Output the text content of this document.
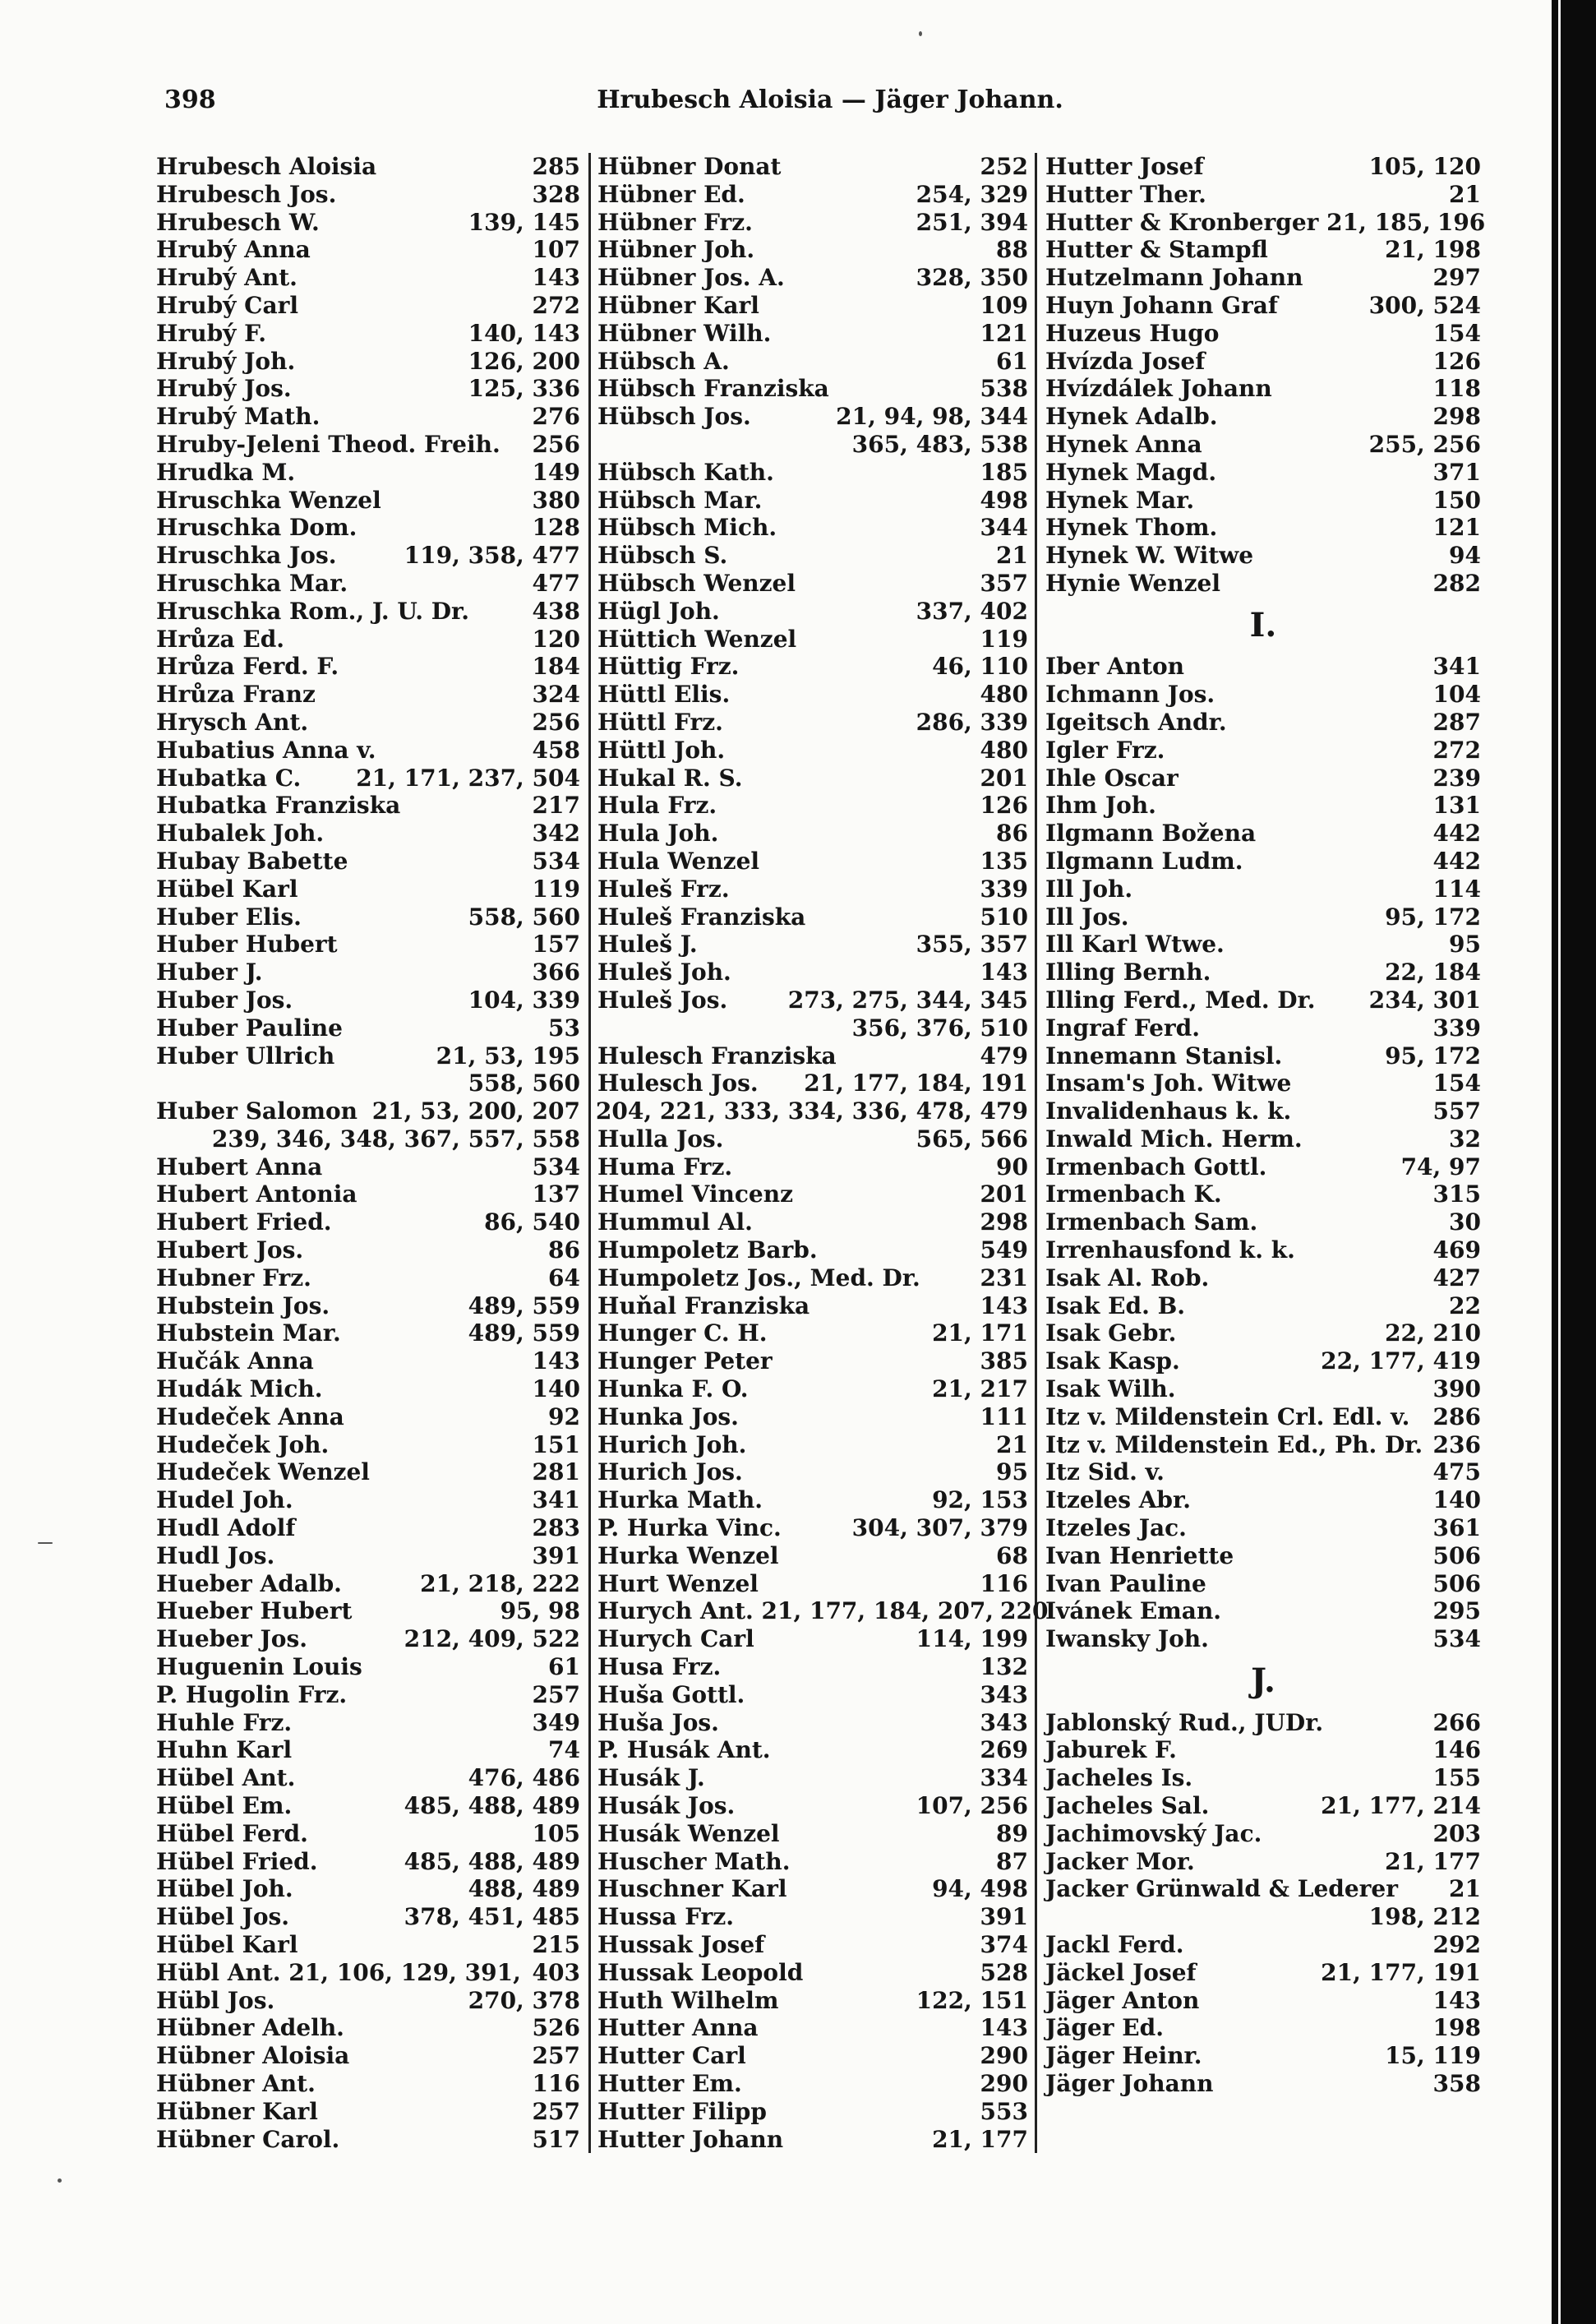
398	Hrubesch Aloisia — Jäger Johann.
Hrubesch Aloisia	285
Hrubesch Jos.	328
Hrubesch W.	139, 145
Hrubý Anna	107
Hrubý Ant.	143
Hrubý Carl	272
Hrubý F.	140, 143
Hrubý Joh.	126, 200
Hrubý Jos.	125, 336
Hrubý Math.	276
Hruby-Jeleni Theod. Freih. 256
Hrudka M.	149
Hruschka Wenzel	380
Hruschka Dom.	128
Hruschka Jos.	119, 358, 477
Hruschka Mar.	477
Hruschka Rom., J. U. Dr.	438
Hrůza Ed.	120
Hrůza Ferd. F.	184
Hrůza Franz	324
Hrysch Ant.	256
Hubatius Anna v.	458
Hubatka C. 21, 171, 237, 504
Hubatka Franziska	217
Hubalek Joh.	342
Hubay Babette	534
Hübel Karl	119
Huber Elis.	558, 560
Huber Hubert	157
Huber J.	366
Huber Jos.	104, 339
Huber Pauline	53
Huber Ullrich	21, 53, 195
558, 560
Huber Salomon 21, 53, 200, 207
239, 346, 348, 367, 557, 558
Hubert Anna	534
Hubert Antonia	137
Hubert Fried.	86, 540
Hubert Jos.	86
Hubner Frz.	64
Hubstein Jos.	489, 559
Hubstein Mar.	489, 559
Hučák Anna	143
Hudák Mich.	140
Hudeček Anna	92
Hudeček Joh.	151
Hudeček Wenzel	281
Hudel Joh.	341
Hudl Adolf	283
Hudl Jos.	391
Hueber Adalb.	21, 218, 222
Hueber Hubert	95, 98
Hueber Jos.	212, 409, 522
Huguenin Louis	61
P. Hugolin Frz.	257
Huhle Frz.	349
Huhn Karl	74
Hübel Ant.	476, 486
Hübel Em.	485, 488, 489
Hübel Ferd.	105
Hübel Fried.	485, 488, 489
Hübel Joh.	488, 489
Hübel Jos.	378, 451, 485
Hübel Karl	215
Hübl Ant. 21, 106, 129, 391, 403
Hübl Jos.	270, 378
Hübner Adelh.	526
Hübner Aloisia	257
Hübner Ant.	116
Hübner Karl	257
Hübner Carol.	517
Hübner Donat	252
Hübner Ed.	254, 329
Hübner Frz.	251, 394
Hübner Joh.	88
Hübner Jos. A.	328, 350
Hübner Karl	109
Hübner Wilh.	121
Hübsch A.	61
Hübsch Franziska	538
Hübsch Jos.	21, 94, 98, 344
365, 483, 538
Hübsch Kath.	185
Hübsch Mar.	498
Hübsch Mich.	344
Hübsch S.	21
Hübsch Wenzel	357
Hügl Joh.	337, 402
Hüttich Wenzel	119
Hüttig Frz.	46, 110
Hüttl Elis.	480
Hüttl Frz.	286, 339
Hüttl Joh.	480
Hukal R. S.	201
Hula Frz.	126
Hula Joh.	86
Hula Wenzel	135
Huleš Frz.	339
Huleš Franziska	510
Huleš J.	355, 357
Huleš Joh.	143
Huleš Jos.	273, 275, 344, 345
356, 376, 510
Hulesch Franziska	479
Hulesch Jos. 21, 177, 184, 191
204, 221, 333, 334, 336, 478, 479
Hulla Jos.	565, 566
Huma Frz.	90
Humel Vincenz	201
Hummul Al.	298
Humpoletz Barb.	549
Humpoletz Jos., Med. Dr.	231
Huňal Franziska	143
Hunger C. H.	21, 171
Hunger Peter	385
Hunka F. O.	21, 217
Hunka Jos.	111
Hurich Joh.	21
Hurich Jos.	95
Hurka Math.	92, 153
P. Hurka Vinc.	304, 307, 379
Hurka Wenzel	68
Hurt Wenzel	116
Hurych Ant. 21, 177, 184, 207, 220
Hurych Carl	114, 199
Husa Frz.	132
Huša Gottl.	343
Huša Jos.	343
P. Husák Ant.	269
Husák J.	334
Husák Jos.	107, 256
Husák Wenzel	89
Huscher Math.	87
Huschner Karl	94, 498
Hussa Frz.	391
Hussak Josef	374
Hussak Leopold	528
Huth Wilhelm	122, 151
Hutter Anna	143
Hutter Carl	290
Hutter Em.	290
Hutter Filipp	553
Hutter Johann	21, 177
Hutter Josef	105, 120
Hutter Ther.	21
Hutter & Kronberger 21, 185, 196
Hutter & Stampfl	21, 198
Hutzelmann Johann	297
Huyn Johann Graf	300, 524
Huzeus Hugo	154
Hvízda Josef	126
Hvízdálek Johann	118
Hynek Adalb.	298
Hynek Anna	255, 256
Hynek Magd.	371
Hynek Mar.	150
Hynek Thom.	121
Hynek W. Witwe	94
Hynie Wenzel	282
I.
Iber Anton	341
Ichmann Jos.	104
Igeitsch Andr.	287
Igler Frz.	272
Ihle Oscar	239
Ihm Joh.	131
Ilgmann Božena	442
Ilgmann Ludm.	442
Ill Joh.	114
Ill Jos.	95, 172
Ill Karl Wtwe.	95
Illing Bernh.	22, 184
Illing Ferd., Med. Dr. 234, 301
Ingraf Ferd.	339
Innemann Stanisl.	95, 172
Insam's Joh. Witwe	154
Invalidenhaus k. k.	557
Inwald Mich. Herm.	32
Irmenbach Gottl.	74, 97
Irmenbach K.	315
Irmenbach Sam.	30
Irrenhausfond k. k.	469
Isak Al. Rob.	427
Isak Ed. B.	22
Isak Gebr.	22, 210
Isak Kasp.	22, 177, 419
Isak Wilh.	390
Itz v. Mildenstein Crl. Edl. v. 286
Itz v. Mildenstein Ed., Ph. Dr. 236
Itz Sid. v.	475
Itzeles Abr.	140
Itzeles Jac.	361
Ivan Henriette	506
Ivan Pauline	506
Ivánek Eman.	295
Iwansky Joh.	534
J.
Jablonský Rud., JUDr.	266
Jaburek F.	146
Jacheles Is.	155
Jacheles Sal.	21, 177, 214
Jachimovský Jac.	203
Jacker Mor.	21, 177
Jacker Grünwald & Lederer 21
198, 212
Jackl Ferd.	292
Jäckel Josef	21, 177, 191
Jäger Anton	143
Jäger Ed.	198
Jäger Heinr.	15, 119
Jäger Johann	358
